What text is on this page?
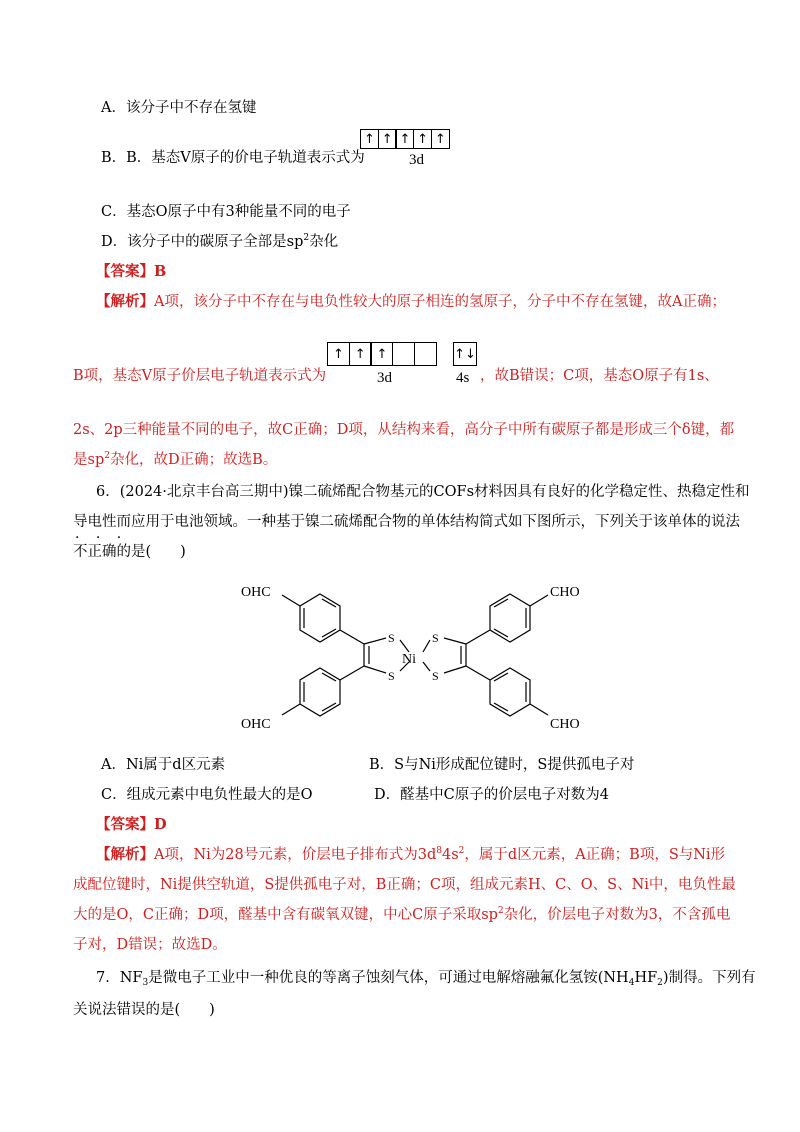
A．该分子中不存在氢键
B．B．基态V原子的价电子轨道表示式为
↑ ↑ ↑ ↑ ↑
3d
C．基态O原子中有3种能量不同的电子
D．该分子中的碳原子全部是$sp^2$杂化
【答案】B
【解析】A项，该分子中不存在与电负性较大的原子相连的氢原子，分子中不存在氢键，故A正确；
↑ ↑ ↑
3d
↑↓
4s
B项，基态V原子价层电子轨道表示式为	，故B错误；C项，基态O原子有1s、
2s、2p三种能量不同的电子，故C正确；D项，从结构来看，高分子中所有碳原子都是形成三个δ键，都
是$sp^2$杂化，故D正确；故选B。
6．(2024·北京丰台高三期中)镍二硫烯配合物基元的COFs材料因具有良好的化学稳定性、热稳定性和
导电性而应用于电池领域。一种基于镍二硫烯配合物的单体结构简式如下图所示，下列关于该单体的说法
· · ·
不正确的是(　　)
OHC	CHO
OHC	CHO
Ni
S
S
S
S
A．Ni属于d区元素	B．S与Ni形成配位键时，S提供孤电子对
C．组成元素中电负性最大的是O	D．醛基中C原子的价层电子对数为4
【答案】D
【解析】A项，Ni为28号元素，价层电子排布式为$3d^84s^2$，属于d区元素，A正确；B项，S与Ni形
成配位键时，Ni提供空轨道，S提供孤电子对，B正确；C项，组成元素H、C、O、S、Ni中，电负性最
大的是O，C正确；D项，醛基中含有碳氧双键，中心C原子采取$sp^2$杂化，价层电子对数为3，不含孤电
子对，D错误；故选D。
7．$NF_3$是微电子工业中一种优良的等离子蚀刻气体，可通过电解熔融氟化氢铵$(NH_4HF_2)$制得。下列有
关说法错误的是(　　)
